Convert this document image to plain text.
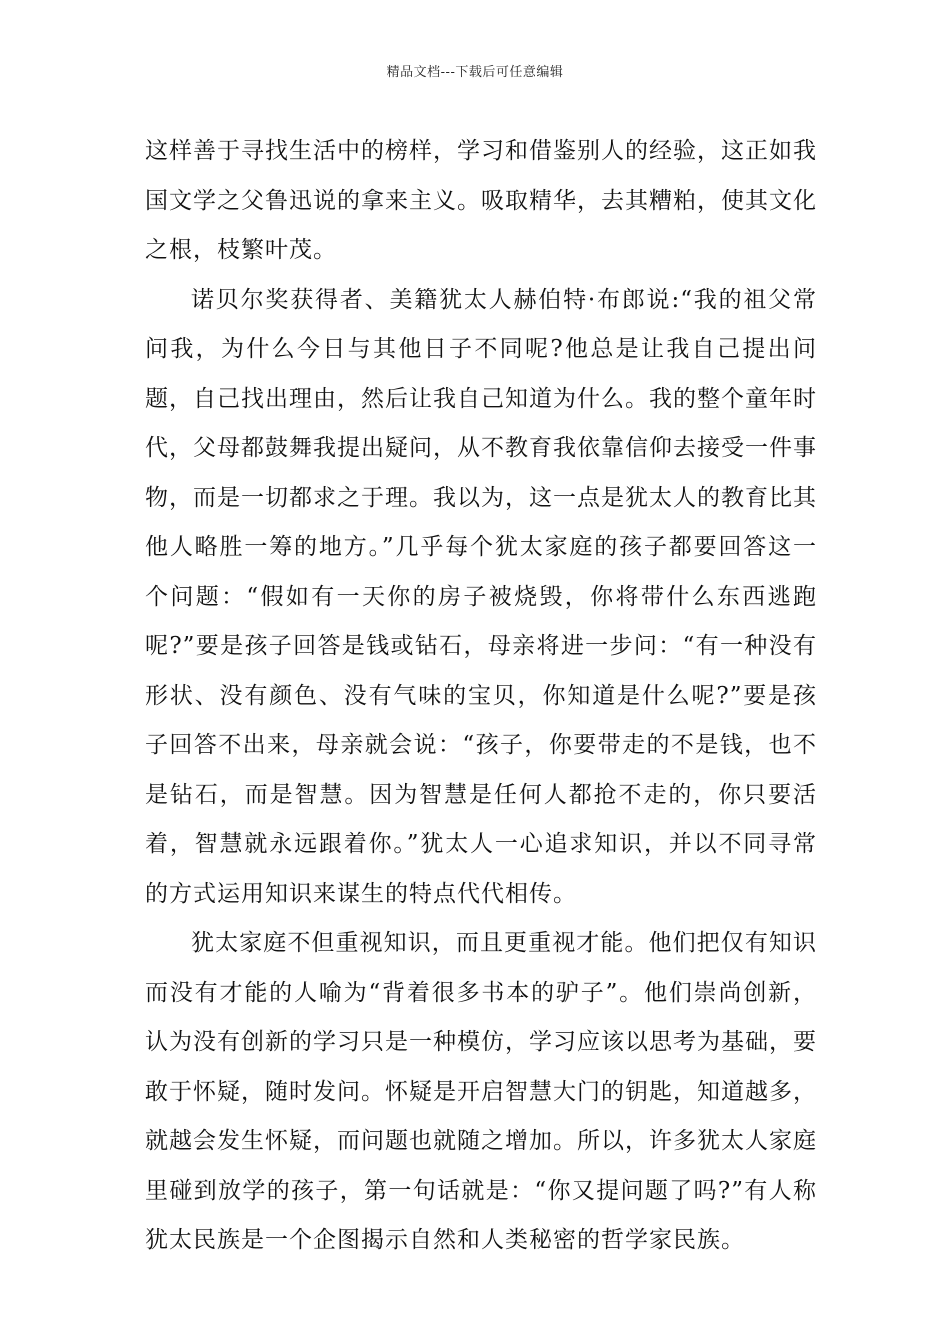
精品文档---下载后可任意编辑

这样善于寻找生活中的榜样，学习和借鉴别人的经验，这正如我国文学之父鲁迅说的拿来主义。吸取精华，去其糟粕，使其文化之根，枝繁叶茂。

诺贝尔奖获得者、美籍犹太人赫伯特·布郎说:“我的祖父常问我，为什么今日与其他日子不同呢?他总是让我自己提出问题，自己找出理由，然后让我自己知道为什么。我的整个童年时代，父母都鼓舞我提出疑问，从不教育我依靠信仰去接受一件事物，而是一切都求之于理。我以为，这一点是犹太人的教育比其他人略胜一筹的地方。”几乎每个犹太家庭的孩子都要回答这一个问题：“假如有一天你的房子被烧毁，你将带什么东西逃跑呢?”要是孩子回答是钱或钻石，母亲将进一步问：“有一种没有形状、没有颜色、没有气味的宝贝，你知道是什么呢?”要是孩子回答不出来，母亲就会说：“孩子，你要带走的不是钱，也不是钻石，而是智慧。因为智慧是任何人都抢不走的，你只要活着，智慧就永远跟着你。”犹太人一心追求知识，并以不同寻常的方式运用知识来谋生的特点代代相传。

犹太家庭不但重视知识，而且更重视才能。他们把仅有知识而没有才能的人喻为“背着很多书本的驴子”。他们崇尚创新，认为没有创新的学习只是一种模仿，学习应该以思考为基础，要敢于怀疑，随时发问。怀疑是开启智慧大门的钥匙，知道越多，就越会发生怀疑，而问题也就随之增加。所以，许多犹太人家庭里碰到放学的孩子，第一句话就是：“你又提问题了吗?”有人称犹太民族是一个企图揭示自然和人类秘密的哲学家民族。
